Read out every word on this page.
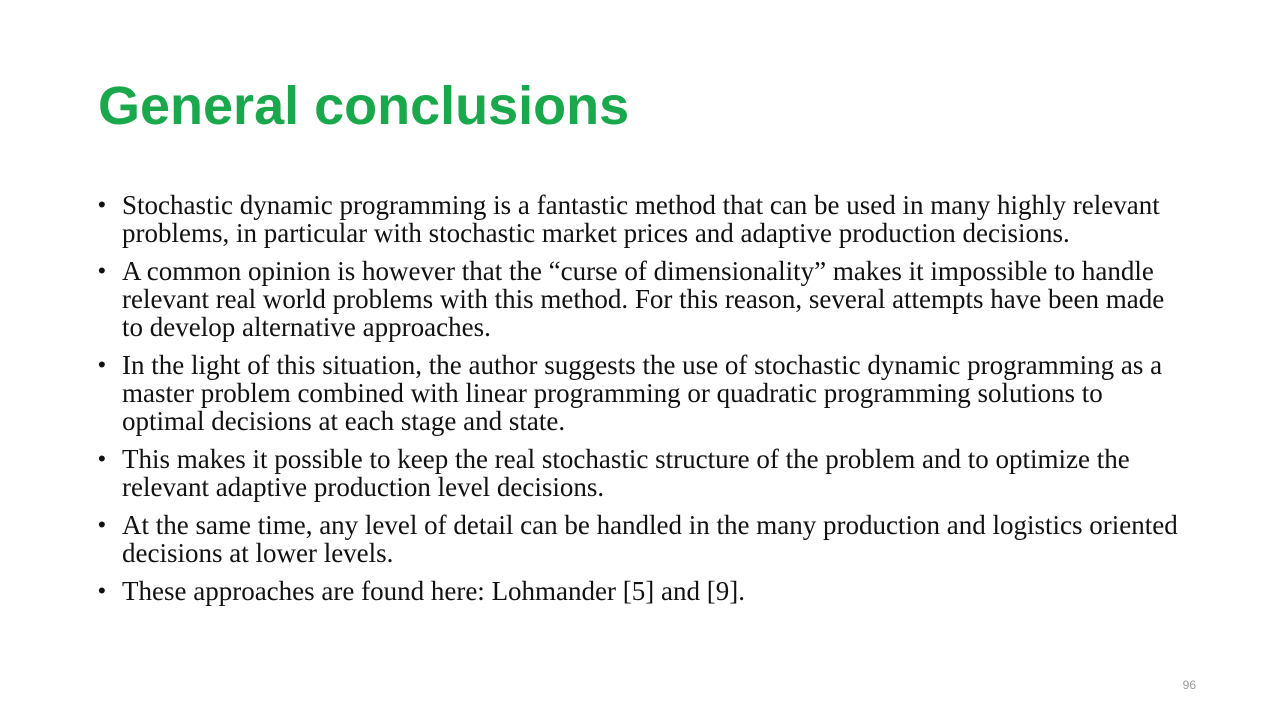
General conclusions
• Stochastic dynamic programming is a fantastic method that can be used in many highly relevant problems, in particular with stochastic market prices and adaptive production decisions.
• A common opinion is however that the “curse of dimensionality” makes it impossible to handle relevant real world problems with this method. For this reason, several attempts have been made to develop alternative approaches.
• In the light of this situation, the author suggests the use of stochastic dynamic programming as a master problem combined with linear programming or quadratic programming solutions to optimal decisions at each stage and state.
• This makes it possible to keep the real stochastic structure of the problem and to optimize the relevant adaptive production level decisions.
• At the same time, any level of detail can be handled in the many production and logistics oriented decisions at lower levels.
• These approaches are found here: Lohmander [5] and [9].
96
